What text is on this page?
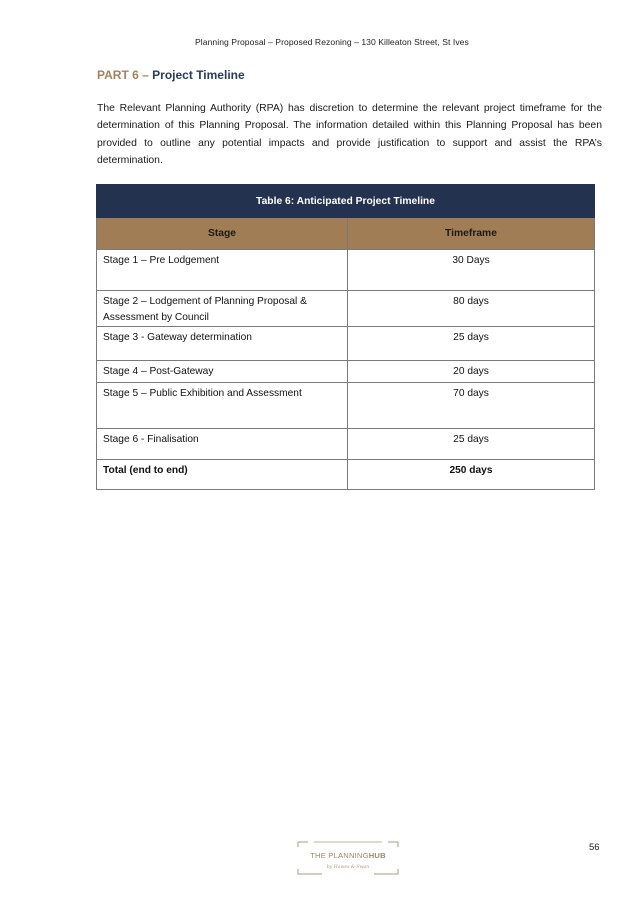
Planning Proposal – Proposed Rezoning – 130 Killeaton Street, St Ives
PART 6 – Project Timeline

The Relevant Planning Authority (RPA) has discretion to determine the relevant project timeframe for the determination of this Planning Proposal. The information detailed within this Planning Proposal has been provided to outline any potential impacts and provide justification to support and assist the RPA’s determination.

Table 6: Anticipated Project Timeline	
Stage	Timeframe
Stage 1 – Pre Lodgement	30 Days
Stage 2 – Lodgement of Planning Proposal & Assessment by Council	80 days
Stage 3 - Gateway determination	25 days
Stage 4 – Post-Gateway	20 days
Stage 5 – Public Exhibition and Assessment	70 days
Stage 6 - Finalisation	25 days
Total (end to end)	250 days
THE PLANNINGHUB
by Hawes & Swan
56
